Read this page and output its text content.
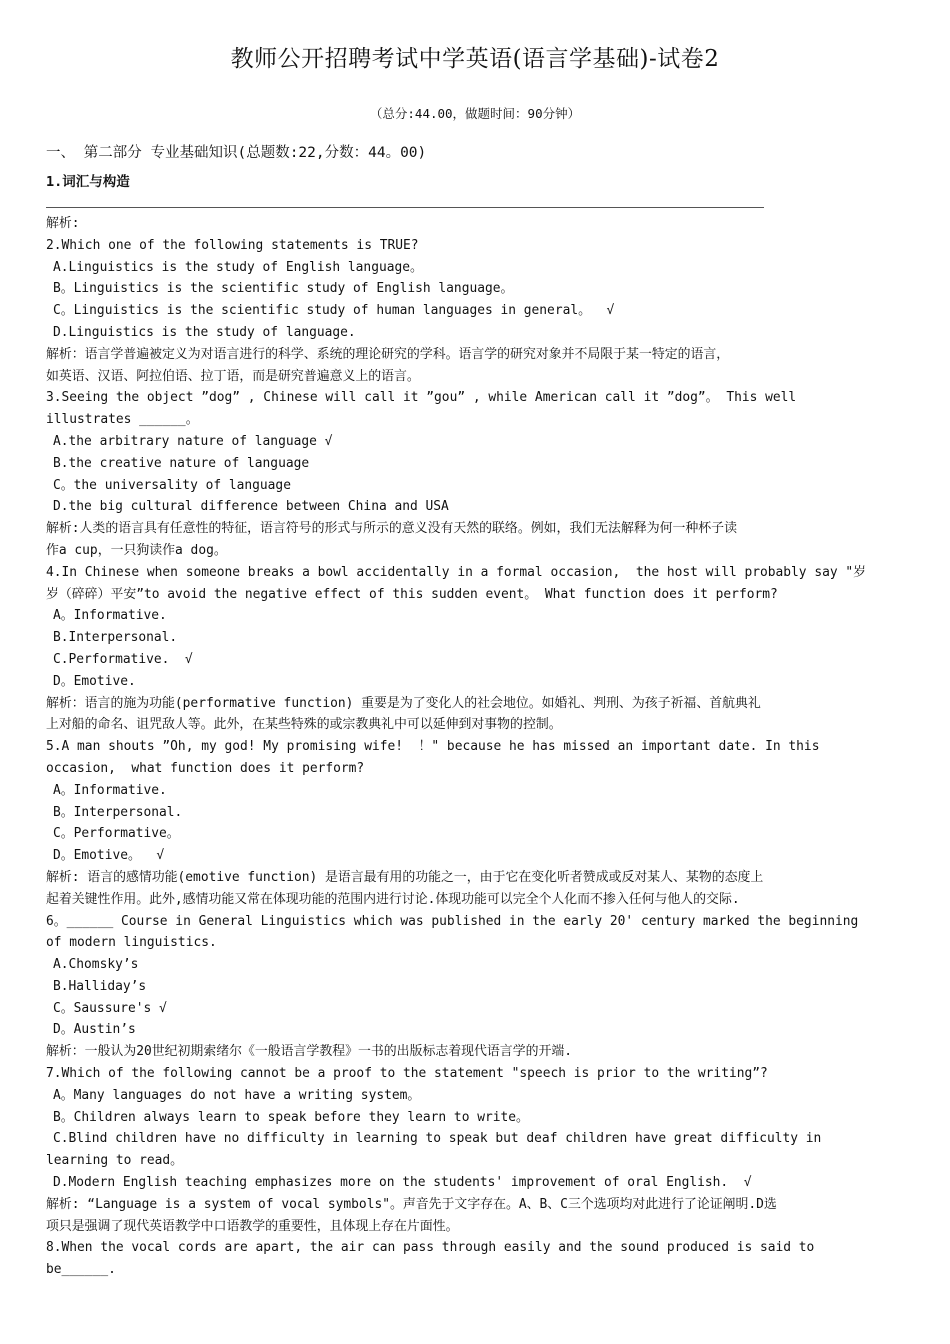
教师公开招聘考试中学英语(语言学基础)-试卷2
（总分:44.00，做题时间：90分钟）
一、 第二部分 专业基础知识(总题数:22,分数：44。00)
1.词汇与构造
解析:
2.Which one of the following statements is TRUE?
A.Linguistics is the study of English language。
B。Linguistics is the scientific study of English language。
C。Linguistics is the scientific study of human languages in general。  √
D.Linguistics is the study of language.
解析：语言学普遍被定义为对语言进行的科学、系统的理论研究的学科。语言学的研究对象并不局限于某一特定的语言，
如英语、汉语、阿拉伯语、拉丁语，而是研究普遍意义上的语言。
3.Seeing the object ”dog” , Chinese will call it ”gou” , while American call it ”dog”。 This well
illustrates ______。
A.the arbitrary nature of language √
B.the creative nature of language
C。the universality of language
D.the big cultural difference between China and USA
解析:人类的语言具有任意性的特征，语言符号的形式与所示的意义没有天然的联络。例如，我们无法解释为何一种杯子读
作a cup，一只狗读作a dog。
4.In Chinese when someone breaks a bowl accidentally in a formal occasion,  the host will probably say "岁
岁（碎碎）平安”to avoid the negative effect of this sudden event。 What function does it perform?
A。Informative.
B.Interpersonal.
C.Performative.  √
D。Emotive.
解析：语言的施为功能(performative function) 重要是为了变化人的社会地位。如婚礼、判刑、为孩子祈福、首航典礼
上对船的命名、诅咒敌人等。此外，在某些特殊的或宗教典礼中可以延伸到对事物的控制。
5.A man shouts ”Oh, my god! My promising wife!  ！" because he has missed an important date. In this
occasion,  what function does it perform?
A。Informative.
B。Interpersonal.
C。Performative。
D。Emotive。  √
解析: 语言的感情功能(emotive function) 是语言最有用的功能之一，由于它在变化听者赞成或反对某人、某物的态度上
起着关键性作用。此外,感情功能又常在体现功能的范围内进行讨论.体现功能可以完全个人化而不掺入任何与他人的交际.
6。______ Course in General Linguistics which was published in the early 20' century marked the beginning
of modern linguistics.
A.Chomsky’s
B.Halliday’s
C。Saussure's √
D。Austin’s
解析：一般认为20世纪初期索绪尔《一般语言学教程》一书的出版标志着现代语言学的开端.
7.Which of the following cannot be a proof to the statement "speech is prior to the writing”?
A。Many languages do not have a writing system。
B。Children always learn to speak before they learn to write。
C.Blind children have no difficulty in learning to speak but deaf children have great difficulty in
learning to read。
D.Modern English teaching emphasizes more on the students' improvement of oral English.  √
解析: “Language is a system of vocal symbols"。声音先于文字存在。A、B、C三个选项均对此进行了论证阐明.D选
项只是强调了现代英语教学中口语教学的重要性，且体现上存在片面性。
8.When the vocal cords are apart, the air can pass through easily and the sound produced is said to
be______.
